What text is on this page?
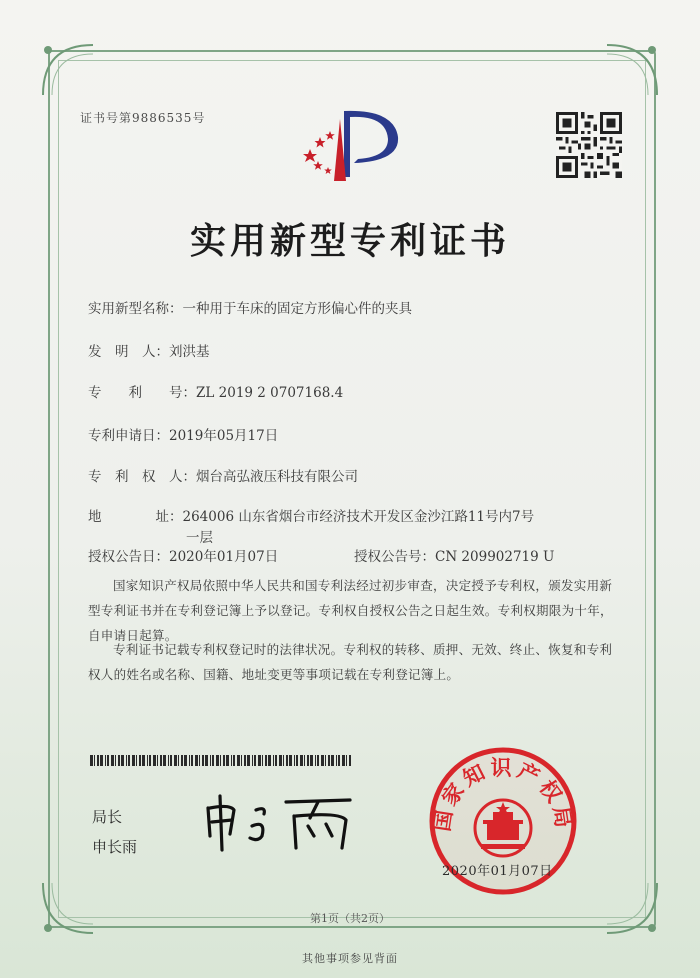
证书号第9886535号
实用新型专利证书
实用新型名称：一种用于车床的固定方形偏心件的夹具
发　明　人：刘洪基
专　　利　　号：ZL 2019 2 0707168.4
专利申请日：2019年05月17日
专　利　权　人：烟台高弘液压科技有限公司
地　　　　址：264006 山东省烟台市经济技术开发区金沙江路11号内7号
一层
授权公告日：2020年01月07日	授权公告号：CN 209902719 U
国家知识产权局依照中华人民共和国专利法经过初步审查，决定授予专利权，颁发实用新型专利证书并在专利登记簿上予以登记。专利权自授权公告之日起生效。专利权期限为十年，自申请日起算。
专利证书记载专利权登记时的法律状况。专利权的转移、质押、无效、终止、恢复和专利权人的姓名或名称、国籍、地址变更等事项记载在专利登记簿上。
局长
申长雨
国家知识产权局
2020年01月07日
第1页（共2页）
其他事项参见背面
